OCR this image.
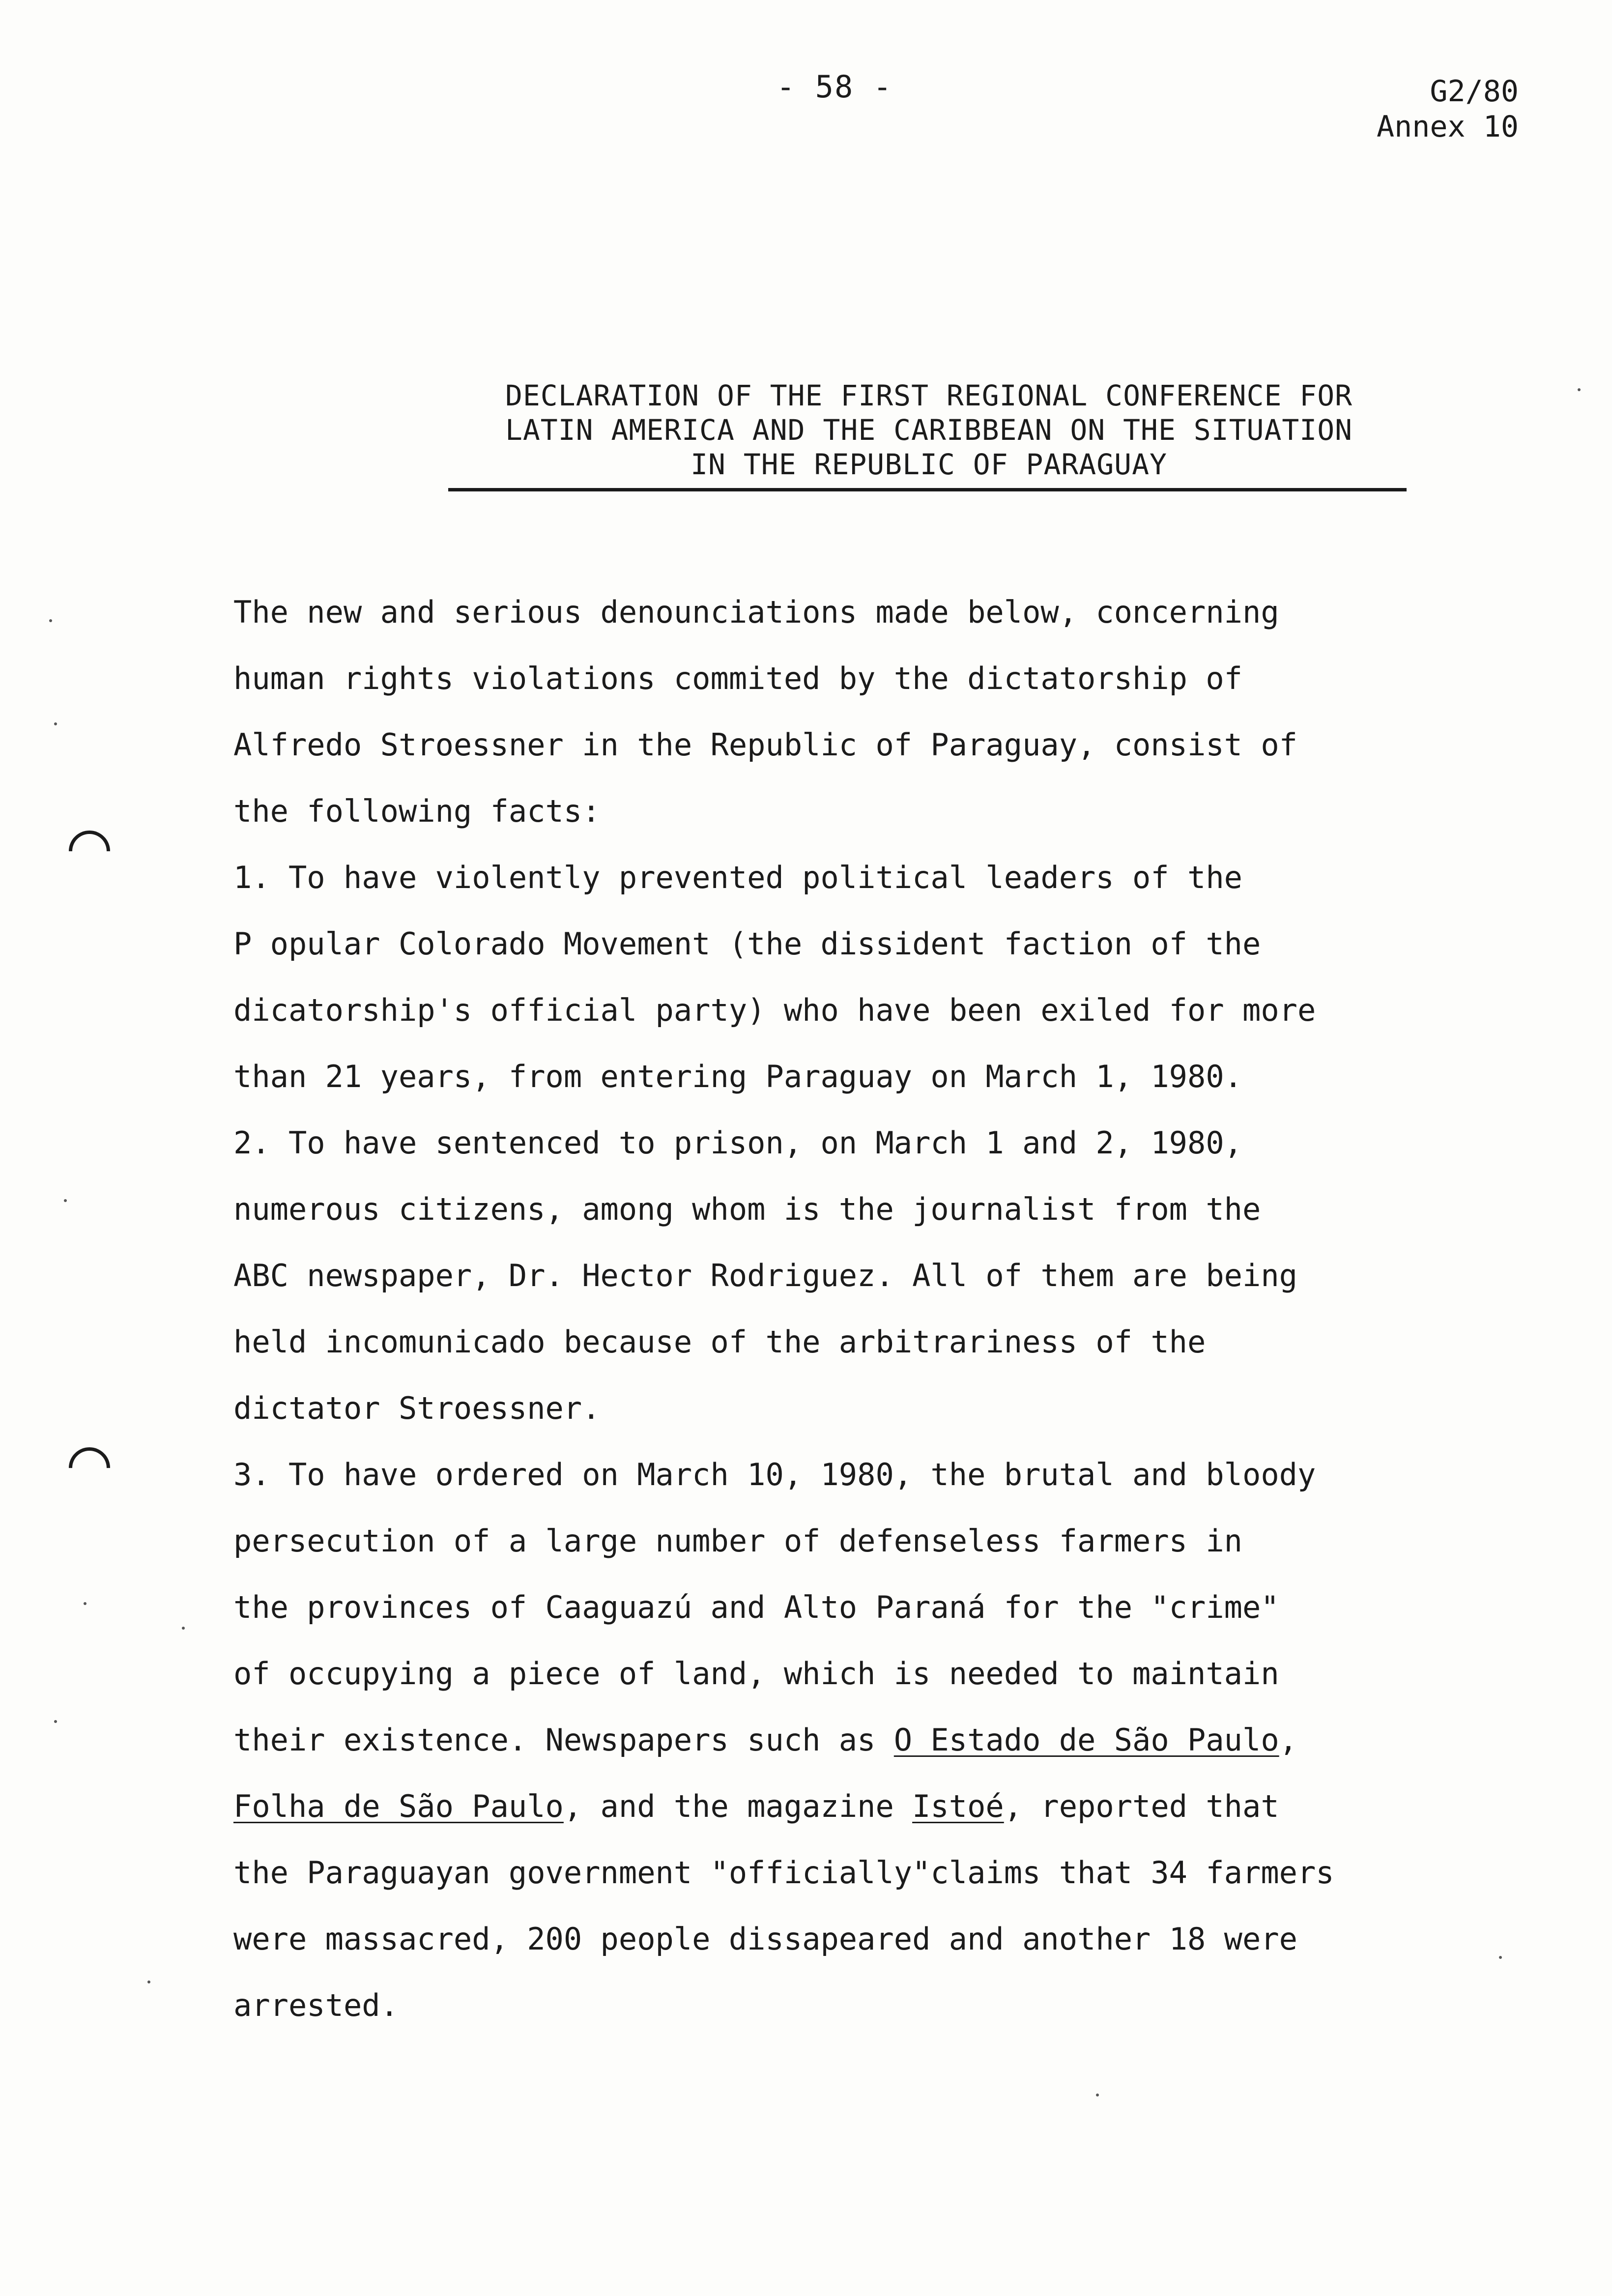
- 58 -	G2/80
Annex 10
DECLARATION OF THE FIRST REGIONAL CONFERENCE FOR
LATIN AMERICA AND THE CARIBBEAN ON THE SITUATION
IN THE REPUBLIC OF PARAGUAY
The new and serious denounciations made below, concerning
human rights violations commited by the dictatorship of
Alfredo Stroessner in the Republic of Paraguay, consist of
the following facts:
1. To have violently prevented political leaders of the
P opular Colorado Movement (the dissident faction of the
dicatorship's official party) who have been exiled for more
than 21 years, from entering Paraguay on March 1, 1980.
2. To have sentenced to prison, on March 1 and 2, 1980,
numerous citizens, among whom is the journalist from the
ABC newspaper, Dr. Hector Rodriguez. All of them are being
held incomunicado because of the arbitrariness of the
dictator Stroessner.
3. To have ordered on March 10, 1980, the brutal and bloody
persecution of a large number of defenseless farmers in
the provinces of Caaguazú and Alto Paraná for the "crime"
of occupying a piece of land, which is needed to maintain
their existence. Newspapers such as O Estado de São Paulo,
Folha de São Paulo, and the magazine Istoé, reported that
the Paraguayan government "officially"claims that 34 farmers
were massacred, 200 people dissapeared and another 18 were
arrested.
